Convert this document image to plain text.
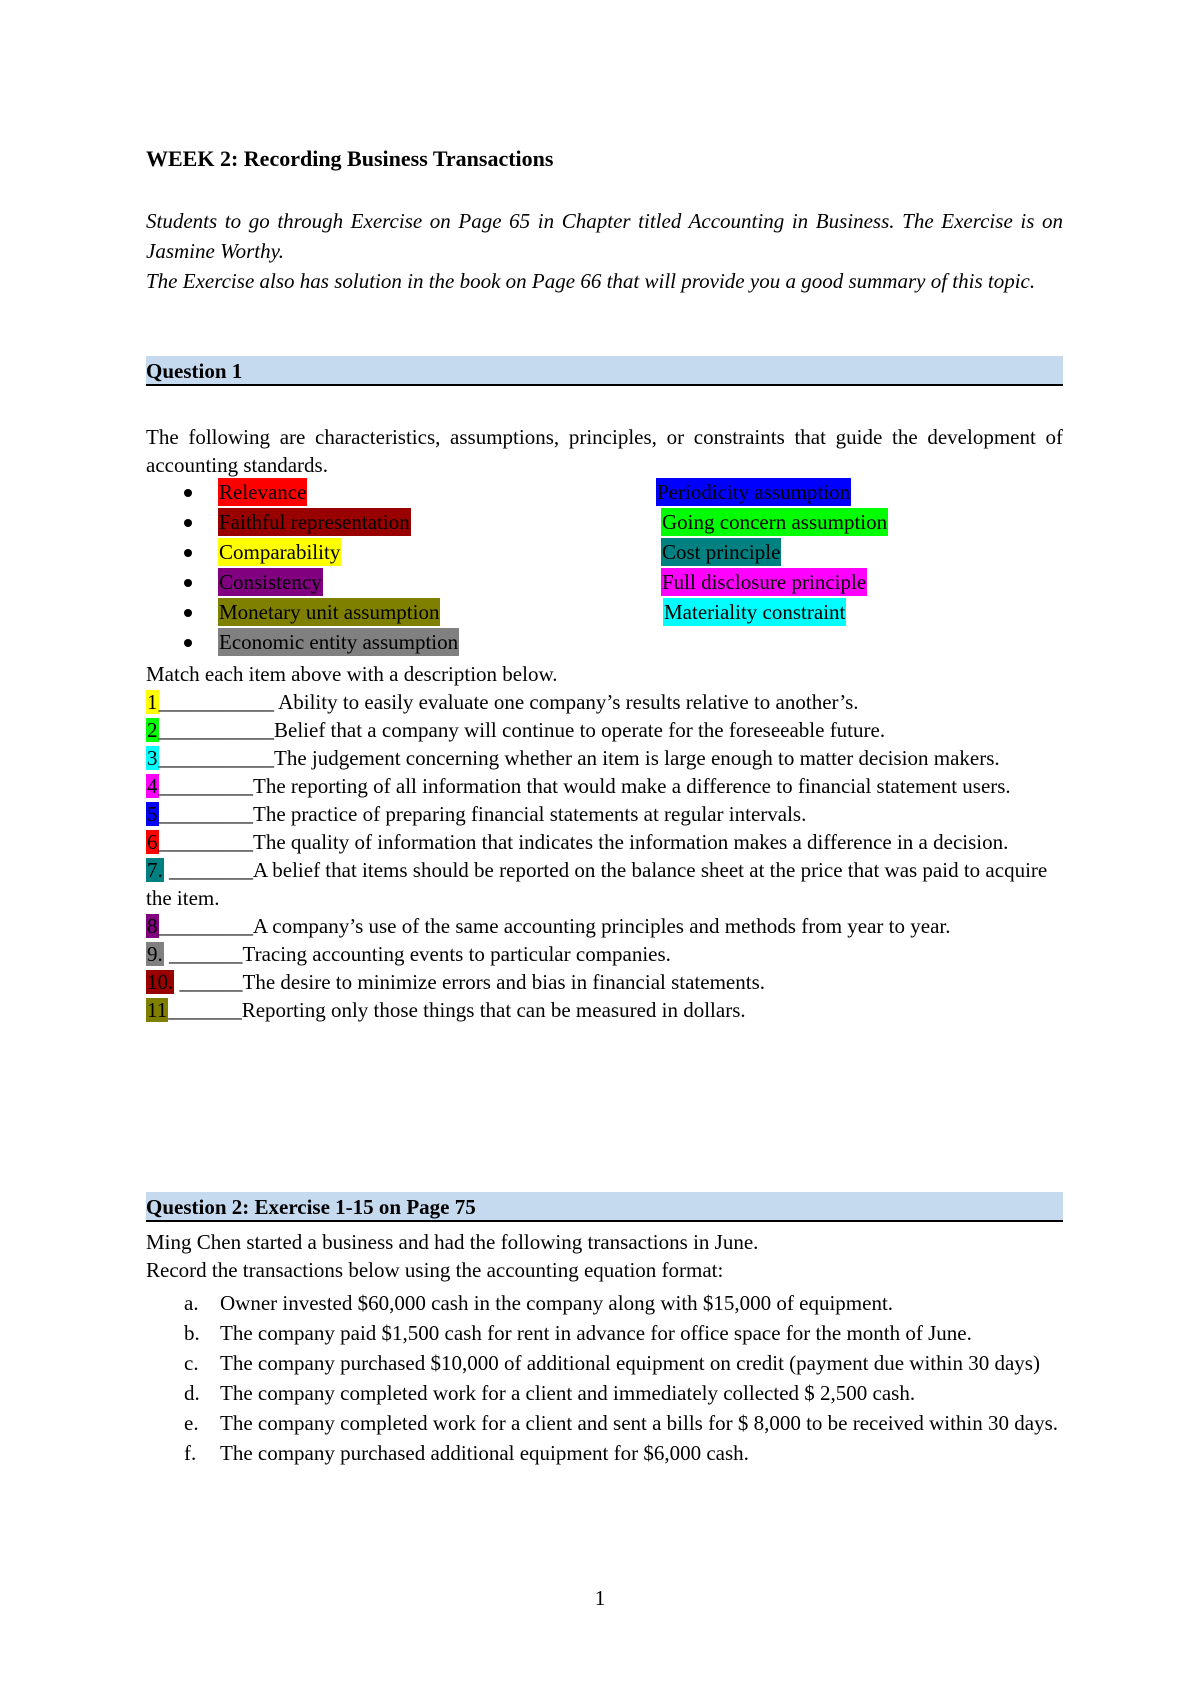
WEEK 2: Recording Business Transactions

Students to go through Exercise on Page 65 in Chapter titled Accounting in Business. The Exercise is on Jasmine Worthy.

The Exercise also has solution in the book on Page 66 that will provide you a good summary of this topic.

Question 1
The following are characteristics, assumptions, principles, or constraints that guide the development of accounting standards.
Relevance
Faithful representation
Comparability
Consistency
Monetary unit assumption
Economic entity assumption
Periodicity assumption
Going concern assumption
Cost principle
Full disclosure principle
Materiality constraint
Match each item above with a description below.

1___________ Ability to easily evaluate one company’s results relative to another’s.

2___________Belief that a company will continue to operate for the foreseeable future.

3___________The judgement concerning whether an item is large enough to matter decision makers.

4_________The reporting of all information that would make a difference to financial statement users.

5_________The practice of preparing financial statements at regular intervals.

6_________The quality of information that indicates the information makes a difference in a decision.

7. ________A belief that items should be reported on the balance sheet at the price that was paid to acquire the item.

8_________A company’s use of the same accounting principles and methods from year to year.

9. _______Tracing accounting events to particular companies.

10. ______The desire to minimize errors and bias in financial statements.

11_______Reporting only those things that can be measured in dollars.

Question 2: Exercise 1-15 on Page 75
Ming Chen started a business and had the following transactions in June.
Record the transactions below using the accounting equation format:

a. Owner invested $60,000 cash in the company along with $15,000 of equipment.

b. The company paid $1,500 cash for rent in advance for office space for the month of June.

c. The company purchased $10,000 of additional equipment on credit (payment due within 30 days)

d. The company completed work for a client and immediately collected $ 2,500 cash.

e. The company completed work for a client and sent a bills for $ 8,000 to be received within 30 days.

f. The company purchased additional equipment for $6,000 cash.

1
